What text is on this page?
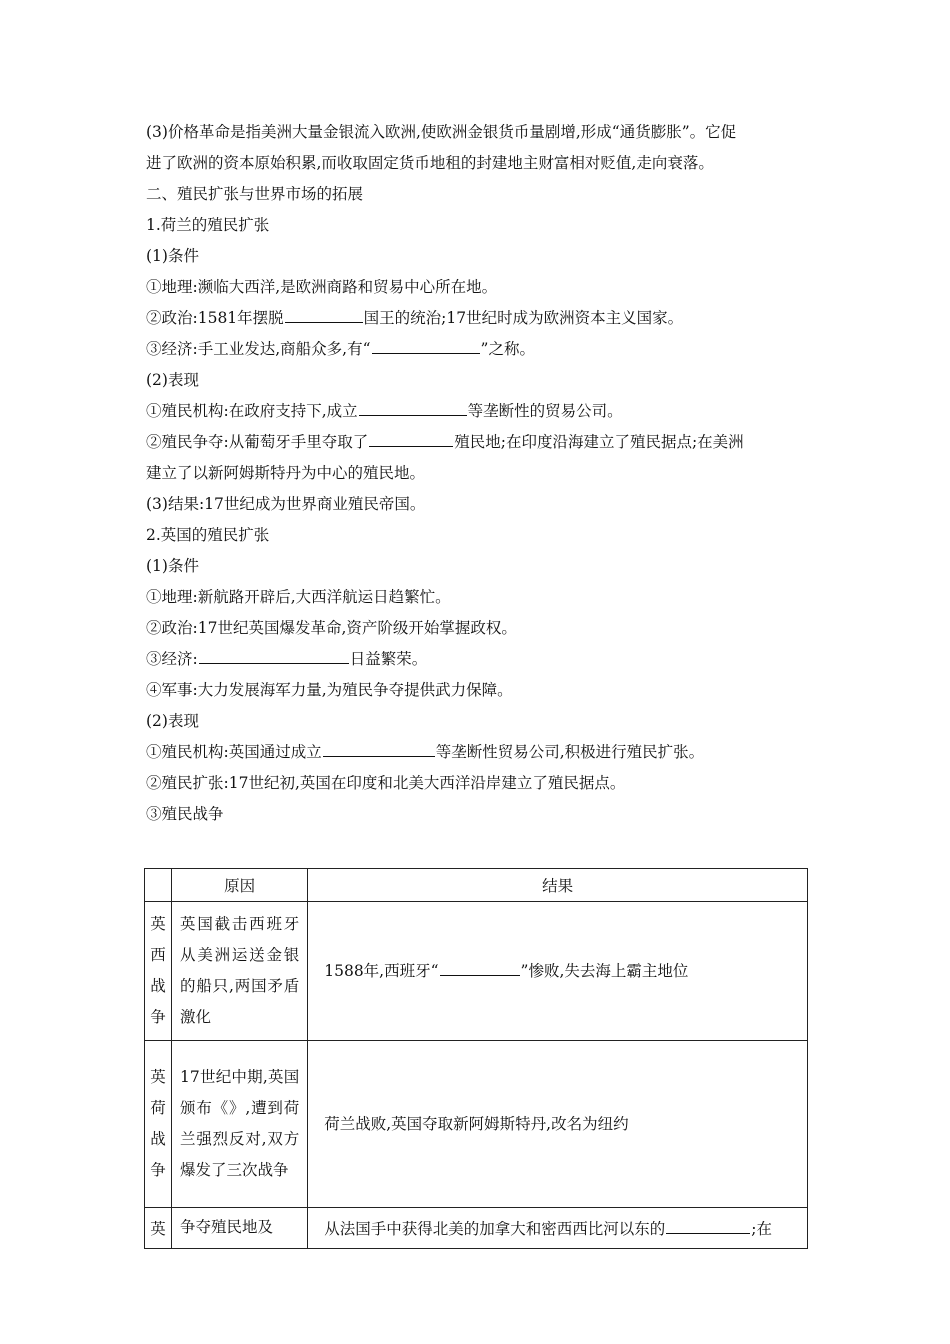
(3)价格革命是指美洲大量金银流入欧洲,使欧洲金银货币量剧增,形成“通货膨胀”。它促
进了欧洲的资本原始积累,而收取固定货币地租的封建地主财富相对贬值,走向衰落。
二、殖民扩张与世界市场的拓展
1.荷兰的殖民扩张
(1)条件
①地理:濒临大西洋,是欧洲商路和贸易中心所在地。
②政治:1581年摆脱	国王的统治;17世纪时成为欧洲资本主义国家。
③经济:手工业发达,商船众多,有“	”之称。
(2)表现
①殖民机构:在政府支持下,成立	等垄断性的贸易公司。
②殖民争夺:从葡萄牙手里夺取了	殖民地;在印度沿海建立了殖民据点;在美洲
建立了以新阿姆斯特丹为中心的殖民地。
(3)结果:17世纪成为世界商业殖民帝国。
2.英国的殖民扩张
(1)条件
①地理:新航路开辟后,大西洋航运日趋繁忙。
②政治:17世纪英国爆发革命,资产阶级开始掌握政权。
③经济:	日益繁荣。
④军事:大力发展海军力量,为殖民争夺提供武力保障。
(2)表现
①殖民机构:英国通过成立	等垄断性贸易公司,积极进行殖民扩张。
②殖民扩张:17世纪初,英国在印度和北美大西洋沿岸建立了殖民据点。
③殖民战争
	原因	结果

英
西
战
争	英国截击西班牙从美洲运送金银的船只,两国矛盾激化	1588年,西班牙“ ”惨败,失去海上霸主地位

英
荷
战
争	17世纪中期,英国颁布《》,遭到荷兰强烈反对,双方爆发了三次战争	荷兰战败,英国夺取新阿姆斯特丹,改名为纽约

英	争夺殖民地及	从法国手中获得北美的加拿大和密西西比河以东的 ;在
